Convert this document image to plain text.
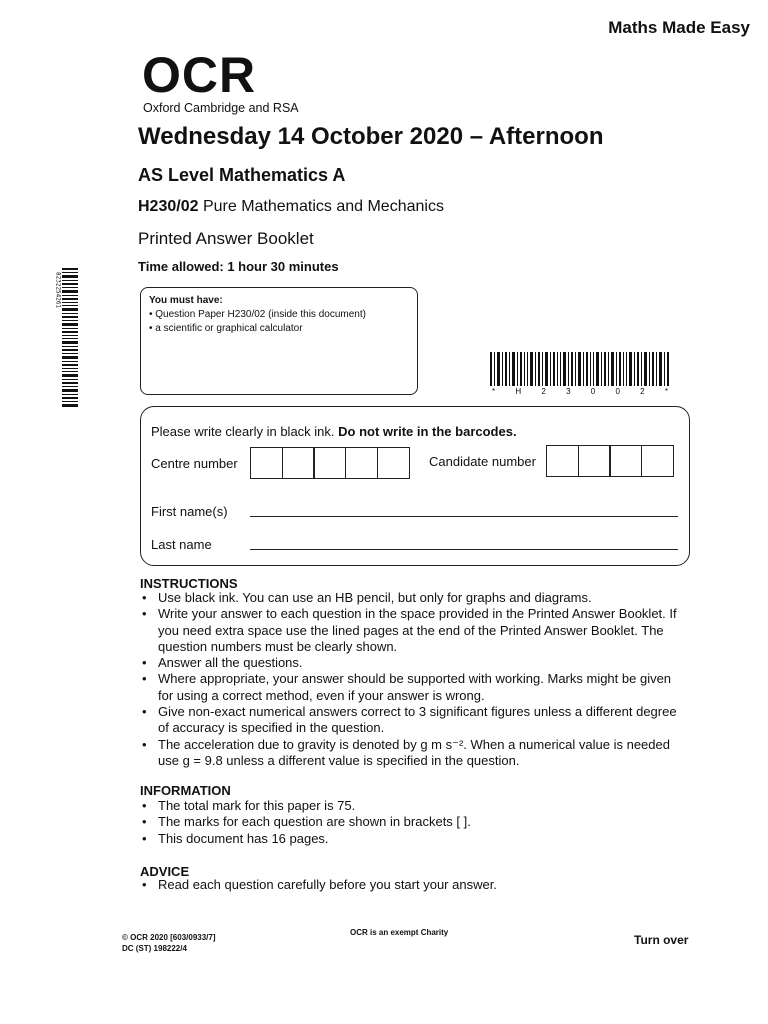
Maths Made Easy
OCR
Oxford Cambridge and RSA
Wednesday 14 October 2020 – Afternoon
AS Level Mathematics A
H230/02 Pure Mathematics and Mechanics
Printed Answer Booklet
Time allowed: 1 hour 30 minutes
You must have:
• Question Paper H230/02 (inside this document)
• a scientific or graphical calculator
*	H	2	3	0	0	2	*
8232254261
Please write clearly in black ink. Do not write in the barcodes.
Centre number	Candidate number
First name(s)
Last name
INSTRUCTIONS
• Use black ink. You can use an HB pencil, but only for graphs and diagrams.
• Write your answer to each question in the space provided in the Printed Answer Booklet. If you need extra space use the lined pages at the end of the Printed Answer Booklet. The question numbers must be clearly shown.
• Answer all the questions.
• Where appropriate, your answer should be supported with working. Marks might be given for using a correct method, even if your answer is wrong.
• Give non-exact numerical answers correct to 3 significant figures unless a different degree of accuracy is specified in the question.
• The acceleration due to gravity is denoted by g m s⁻². When a numerical value is needed use g = 9.8 unless a different value is specified in the question.
INFORMATION
• The total mark for this paper is 75.
• The marks for each question are shown in brackets [ ].
• This document has 16 pages.
ADVICE
• Read each question carefully before you start your answer.
© OCR 2020 [603/0933/7]
DC (ST) 198222/4
OCR is an exempt Charity
Turn over
